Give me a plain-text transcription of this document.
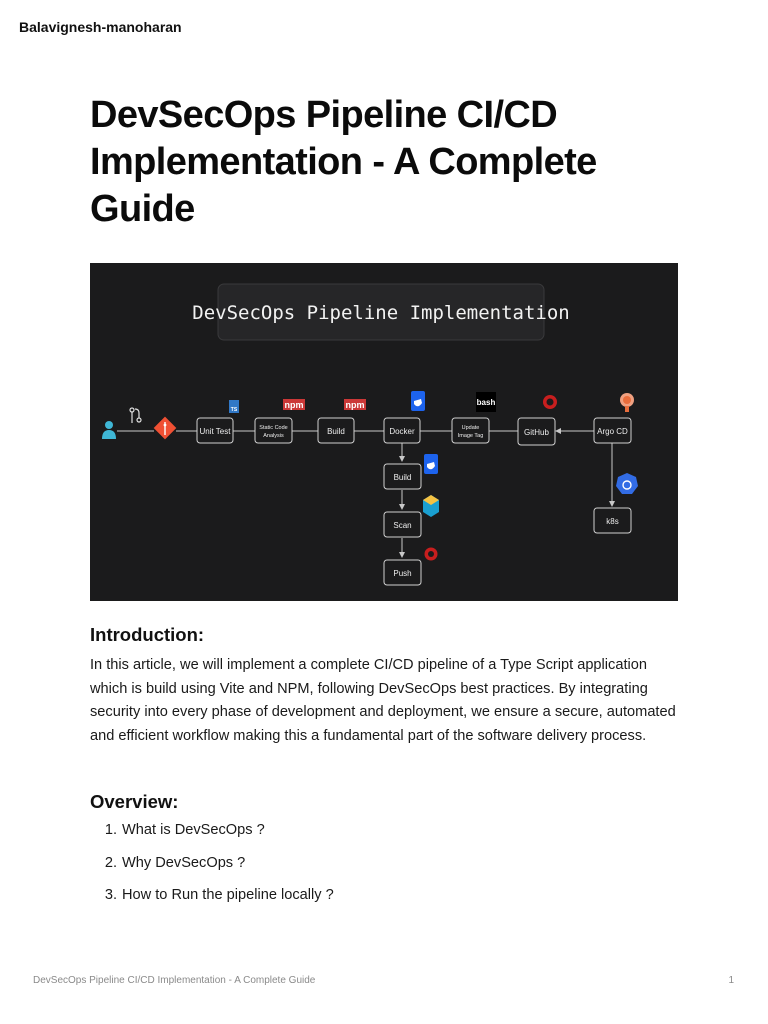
Balavignesh-manoharan
DevSecOps Pipeline CI/CD Implementation - A Complete Guide
DevSecOps Pipeline Implementation
Unit Test	Static Code
Analysis	Build	Docker	Update
Image Tag	GitHub	Argo CD
Build
Scan
Push
k8s
TS	npm	npm	bash
Introduction:

In this article, we will implement a complete CI/CD pipeline of a Type Script application which is build using Vite and NPM, following DevSecOps best practices. By integrating security into every phase of development and deployment, we ensure a secure, automated and efficient workflow making this a fundamental part of the software delivery process.

Overview:
1 . What is DevSecOps ?
2 . Why DevSecOps ?
3 . How to Run the pipeline locally ?
DevSecOps Pipeline CI/CD Implementation - A Complete Guide	1
